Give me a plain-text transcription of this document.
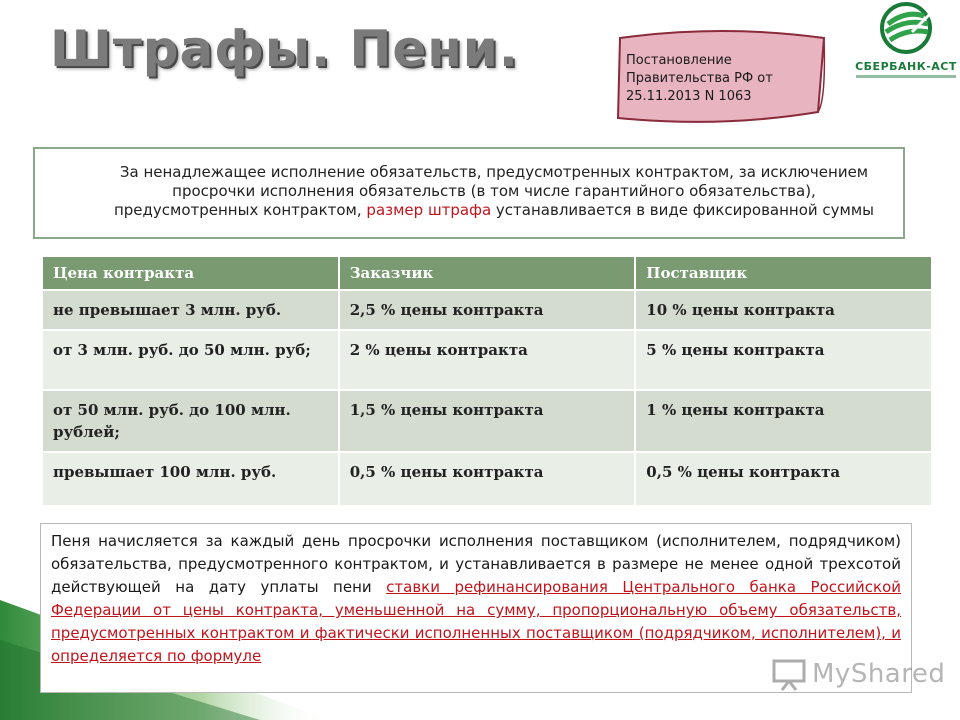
Штрафы. Пени.	Постановление
Правительства РФ от
25.11.2013 N 1063
СБЕРБАНК-АСТ
За ненадлежащее исполнение обязательств, предусмотренных контрактом, за исключением просрочки исполнения обязательств (в том числе гарантийного обязательства), предусмотренных контрактом, размер штрафа устанавливается в виде фиксированной суммы
Цена контракта	Заказчик	Поставщик
не превышает 3 млн. руб.	2,5 % цены контракта	10 % цены контракта
от 3 млн. руб. до 50 млн. руб;	2 % цены контракта	5 % цены контракта
от 50 млн. руб. до 100 млн. рублей;	1,5 % цены контракта	1 % цены контракта
превышает 100 млн. руб.	0,5 % цены контракта	0,5 % цены контракта
Пеня начисляется за каждый день просрочки исполнения поставщиком (исполнителем, подрядчиком) обязательства, предусмотренного контрактом, и устанавливается в размере не менее одной трехсотой действующей на дату уплаты пени ставки рефинансирования Центрального банка Российской Федерации от цены контракта, уменьшенной на сумму, пропорциональную объему обязательств, предусмотренных контрактом и фактически исполненных поставщиком (подрядчиком, исполнителем), и определяется по формуле
MyShared
